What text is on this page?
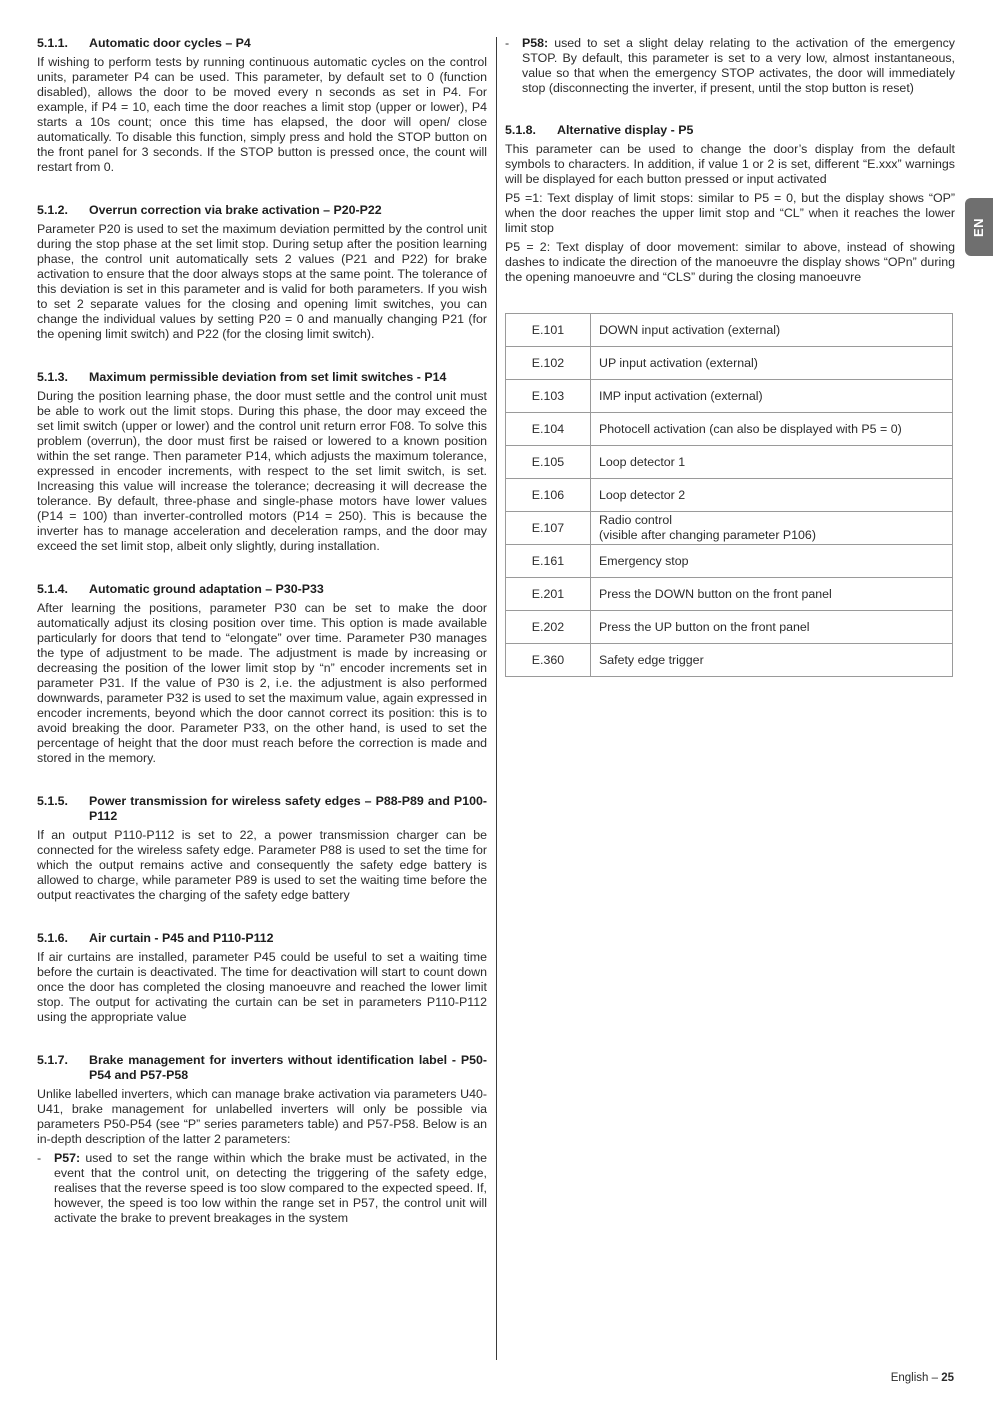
5.1.1.	Automatic door cycles – P4

If wishing to perform tests by running continuous automatic cycles on the control units, parameter P4 can be used. This parameter, by default set to 0 (function disabled), allows the door to be moved every n seconds as set in P4. For example, if P4 = 10, each time the door reaches a limit stop (upper or lower), P4 starts a 10s count; once this time has elapsed, the door will open/ close automatically. To disable this function, simply press and hold the STOP button on the front panel for 3 seconds. If the STOP button is pressed once, the count will restart from 0.

5.1.2.	Overrun correction via brake activation – P20-P22

Parameter P20 is used to set the maximum deviation permitted by the control unit during the stop phase at the set limit stop. During setup after the position learning phase, the control unit automatically sets 2 values (P21 and P22) for brake activation to ensure that the door always stops at the same point. The tolerance of this deviation is set in this parameter and is valid for both parameters. If you wish to set 2 separate values for the closing and opening limit switches, you can change the individual values by setting P20 = 0 and manually changing P21 (for the opening limit switch) and P22 (for the closing limit switch).

5.1.3.	Maximum permissible deviation from set limit switches - P14

During the position learning phase, the door must settle and the control unit must be able to work out the limit stops. During this phase, the door may exceed the set limit switch (upper or lower) and the control unit return error F08. To solve this problem (overrun), the door must first be raised or lowered to a known position within the set range. Then parameter P14, which adjusts the maximum tolerance, expressed in encoder increments, with respect to the set limit switch, is set. Increasing this value will increase the tolerance; decreasing it will decrease the tolerance. By default, three-phase and single-phase motors have lower values (P14 = 100) than inverter-controlled motors (P14 = 250). This is because the inverter has to manage acceleration and deceleration ramps, and the door may exceed the set limit stop, albeit only slightly, during installation.

5.1.4.	Automatic ground adaptation – P30-P33

After learning the positions, parameter P30 can be set to make the door automatically adjust its closing position over time. This option is made available particularly for doors that tend to “elongate” over time. Parameter P30 manages the type of adjustment to be made. The adjustment is made by increasing or decreasing the position of the lower limit stop by “n” encoder increments set in parameter P31. If the value of P30 is 2, i.e. the adjustment is also performed downwards, parameter P32 is used to set the maximum value, again expressed in encoder increments, beyond which the door cannot correct its position: this is to avoid breaking the door. Parameter P33, on the other hand, is used to set the percentage of height that the door must reach before the correction is made and stored in the memory.

5.1.5.	Power transmission for wireless safety edges – P88-P89 and P100-P112

If an output P110-P112 is set to 22, a power transmission charger can be connected for the wireless safety edge. Parameter P88 is used to set the time for which the output remains active and consequently the safety edge battery is allowed to charge, while parameter P89 is used to set the waiting time before the output reactivates the charging of the safety edge battery

5.1.6.	Air curtain - P45 and P110-P112

If air curtains are installed, parameter P45 could be useful to set a waiting time before the curtain is deactivated. The time for deactivation will start to count down once the door has completed the closing manoeuvre and reached the lower limit stop. The output for activating the curtain can be set in parameters P110-P112 using the appropriate value

5.1.7.	Brake management for inverters without identification label - P50-P54 and P57-P58

Unlike labelled inverters, which can manage brake activation via parameters U40-U41, brake management for unlabelled inverters will only be possible via parameters P50-P54 (see “P” series parameters table) and P57-P58. Below is an in-depth description of the latter 2 parameters:

-	P57: used to set the range within which the brake must be activated, in the event that the control unit, on detecting the triggering of the safety edge, realises that the reverse speed is too slow compared to the expected speed. If, however, the speed is too low within the range set in P57, the control unit will activate the brake to prevent breakages in the system
-	P58: used to set a slight delay relating to the activation of the emergency STOP. By default, this parameter is set to a very low, almost instantaneous, value so that when the emergency STOP activates, the door will immediately stop (disconnecting the inverter, if present, until the stop button is reset)
5.1.8.	Alternative display - P5

This parameter can be used to change the door’s display from the default symbols to characters. In addition, if value 1 or 2 is set, different “E.xxx” warnings will be displayed for each button pressed or input activated

P5 =1: Text display of limit stops: similar to P5 = 0, but the display shows “OP” when the door reaches the upper limit stop and “CL” when it reaches the lower limit stop

P5 = 2: Text display of door movement: similar to above, instead of showing dashes to indicate the direction of the manoeuvre the display shows “OPn” during the opening manoeuvre and “CLS” during the closing manoeuvre

E.101	DOWN input activation (external)
E.102	UP input activation (external)
E.103	IMP input activation (external)
E.104	Photocell activation (can also be displayed with P5 = 0)
E.105	Loop detector 1
E.106	Loop detector 2
E.107	Radio control
(visible after changing parameter P106)
E.161	Emergency stop
E.201	Press the DOWN button on the front panel
E.202	Press the UP button on the front panel
E.360	Safety edge trigger
EN
English – 25
